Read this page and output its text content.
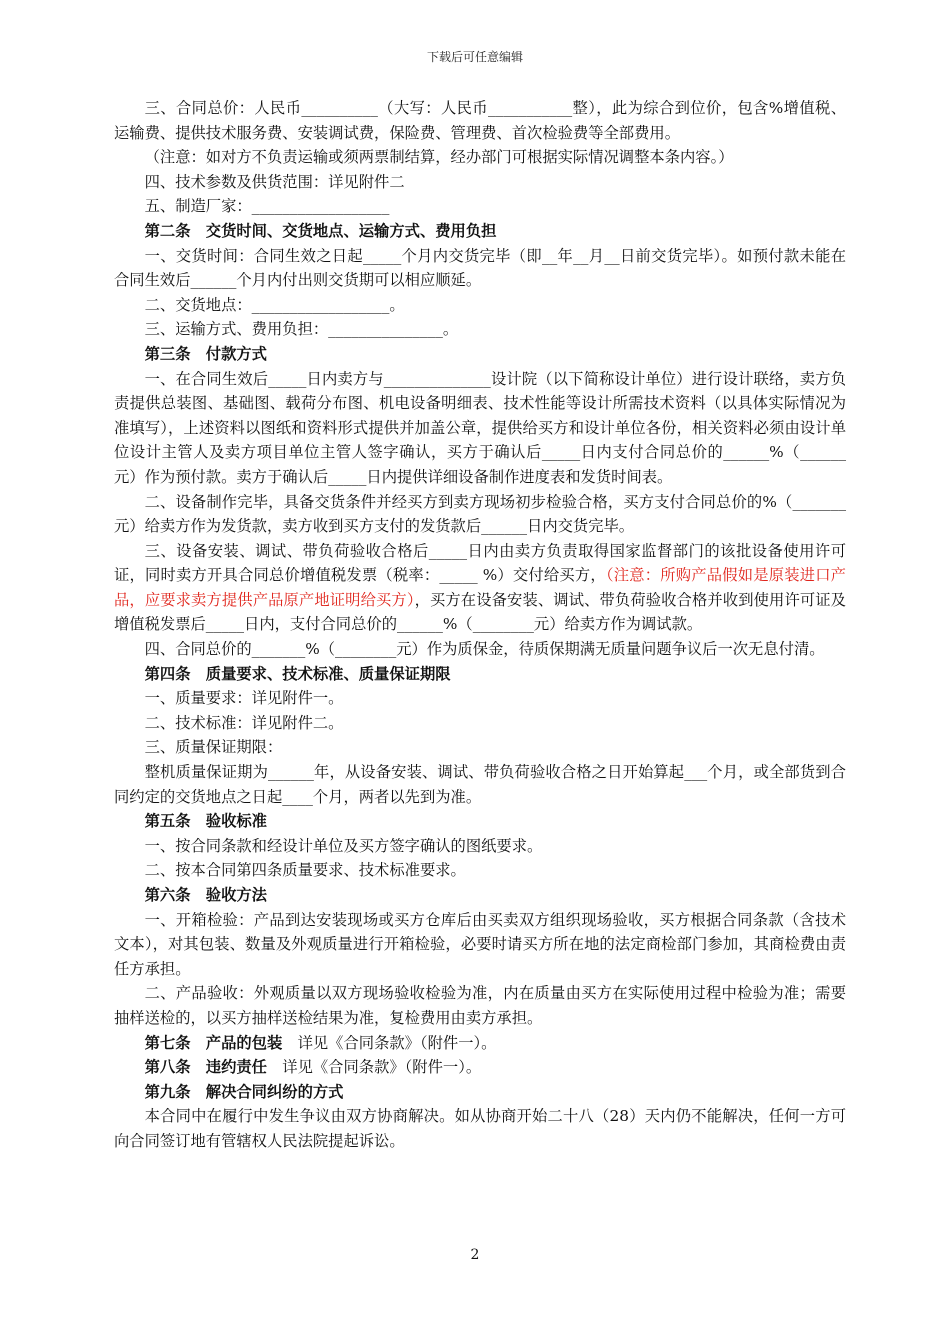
下载后可任意编辑

三、合同总价：人民币__________（大写：人民币___________整），此为综合到位价，包含%增值税、运输费、提供技术服务费、安装调试费，保险费、管理费、首次检验费等全部费用。

（注意：如对方不负责运输或须两票制结算，经办部门可根据实际情况调整本条内容。）

四、技术参数及供货范围：详见附件二

五、制造厂家：__________________

第二条　交货时间、交货地点、运输方式、费用负担

一、交货时间：合同生效之日起_____个月内交货完毕（即__年__月__日前交货完毕）。如预付款未能在合同生效后______个月内付出则交货期可以相应顺延。

二、交货地点：__________________。

三、运输方式、费用负担：_______________。

第三条　付款方式

一、在合同生效后_____日内卖方与______________设计院（以下简称设计单位）进行设计联络，卖方负责提供总装图、基础图、载荷分布图、机电设备明细表、技术性能等设计所需技术资料（以具体实际情况为准填写），上述资料以图纸和资料形式提供并加盖公章，提供给买方和设计单位各份，相关资料必须由设计单位设计主管人及卖方项目单位主管人签字确认，买方于确认后_____日内支付合同总价的______%（______元）作为预付款。卖方于确认后_____日内提供详细设备制作进度表和发货时间表。

二、设备制作完毕，具备交货条件并经买方到卖方现场初步检验合格，买方支付合同总价的%（_______元）给卖方作为发货款，卖方收到买方支付的发货款后______日内交货完毕。

三、设备安装、调试、带负荷验收合格后_____日内由卖方负责取得国家监督部门的该批设备使用许可证，同时卖方开具合同总价增值税发票（税率：_____ %）交付给买方，（注意：所购产品假如是原装进口产品，应要求卖方提供产品原产地证明给买方），买方在设备安装、调试、带负荷验收合格并收到使用许可证及增值税发票后_____日内，支付合同总价的______%（________元）给卖方作为调试款。

四、合同总价的_______%（________元）作为质保金，待质保期满无质量问题争议后一次无息付清。

第四条　质量要求、技术标准、质量保证期限

一、质量要求：详见附件一。

二、技术标准：详见附件二。

三、质量保证期限：

整机质量保证期为______年，从设备安装、调试、带负荷验收合格之日开始算起___个月，或全部货到合同约定的交货地点之日起____个月，两者以先到为准。

第五条　验收标准

一、按合同条款和经设计单位及买方签字确认的图纸要求。

二、按本合同第四条质量要求、技术标准要求。

第六条　验收方法

一、开箱检验：产品到达安装现场或买方仓库后由买卖双方组织现场验收，买方根据合同条款（含技术文本），对其包装、数量及外观质量进行开箱检验，必要时请买方所在地的法定商检部门参加，其商检费由责任方承担。

二、产品验收：外观质量以双方现场验收检验为准，内在质量由买方在实际使用过程中检验为准；需要抽样送检的，以买方抽样送检结果为准，复检费用由卖方承担。

第七条　产品的包装　详见《合同条款》（附件一）。

第八条　违约责任　详见《合同条款》（附件一）。

第九条　解决合同纠纷的方式

本合同中在履行中发生争议由双方协商解决。如从协商开始二十八（28）天内仍不能解决，任何一方可向合同签订地有管辖权人民法院提起诉讼。

2
